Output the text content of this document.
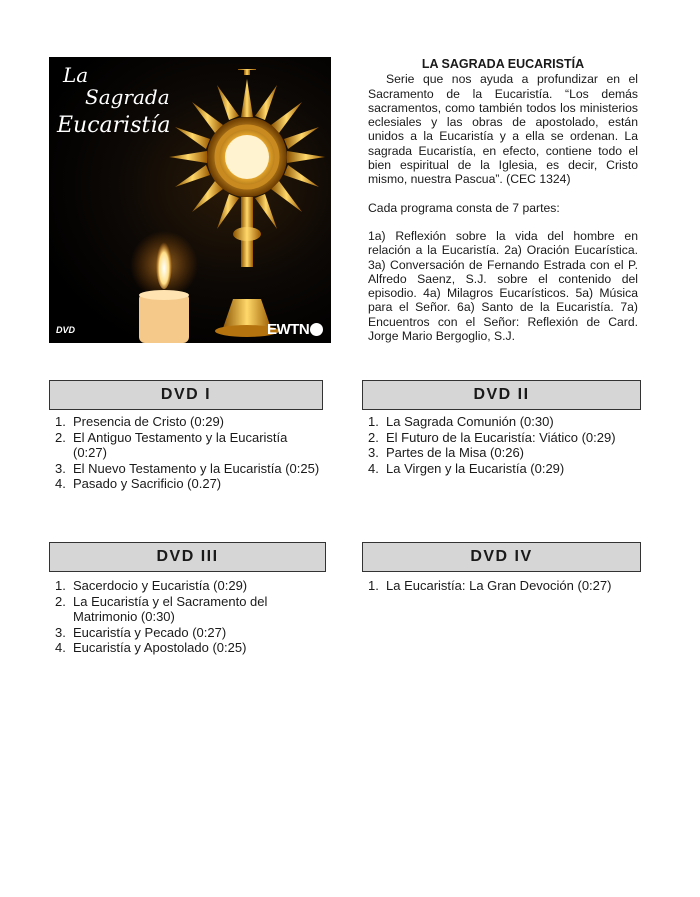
La
Sagrada
Eucaristía
DVD	EWTN
LA SAGRADA EUCARISTÍA

Serie que nos ayuda a profundizar en el Sacramento de la Eucaristía. “Los demás sacramentos, como también todos los ministerios eclesiales y las obras de apostolado, están unidos a la Eucaristía y a ella se ordenan. La sagrada Eucaristía, en efecto, contiene todo el bien espiritual de la Iglesia, es decir, Cristo mismo, nuestra Pascua”. (CEC 1324)

Cada programa consta de 7 partes:

1a) Reflexión sobre la vida del hombre en relación a la Eucaristía. 2a) Oración Eucarística. 3a) Conversación de Fernando Estrada con el P. Alfredo Saenz, S.J. sobre el contenido del episodio. 4a) Milagros Eucarísticos. 5a) Música para el Señor. 6a) Santo de la Eucaristía. 7a) Encuentros con el Señor: Reflexión de Card. Jorge Mario Bergoglio, S.J.

DVD I
1. Presencia de Cristo (0:29)
2. El Antiguo Testamento y la Eucaristía (0:27)
3. El Nuevo Testamento y la Eucaristía (0:25)
4. Pasado y Sacrificio (0.27)
DVD II
1. La Sagrada Comunión (0:30)
2. El Futuro de la Eucaristía: Viático (0:29)
3. Partes de la Misa (0:26)
4. La Virgen y la Eucaristía (0:29)
DVD III
1. Sacerdocio y Eucaristía (0:29)
2. La Eucaristía y el Sacramento del Matrimonio (0:30)
3. Eucaristía y Pecado (0:27)
4. Eucaristía y Apostolado (0:25)
DVD IV
1. La Eucaristía: La Gran Devoción (0:27)
